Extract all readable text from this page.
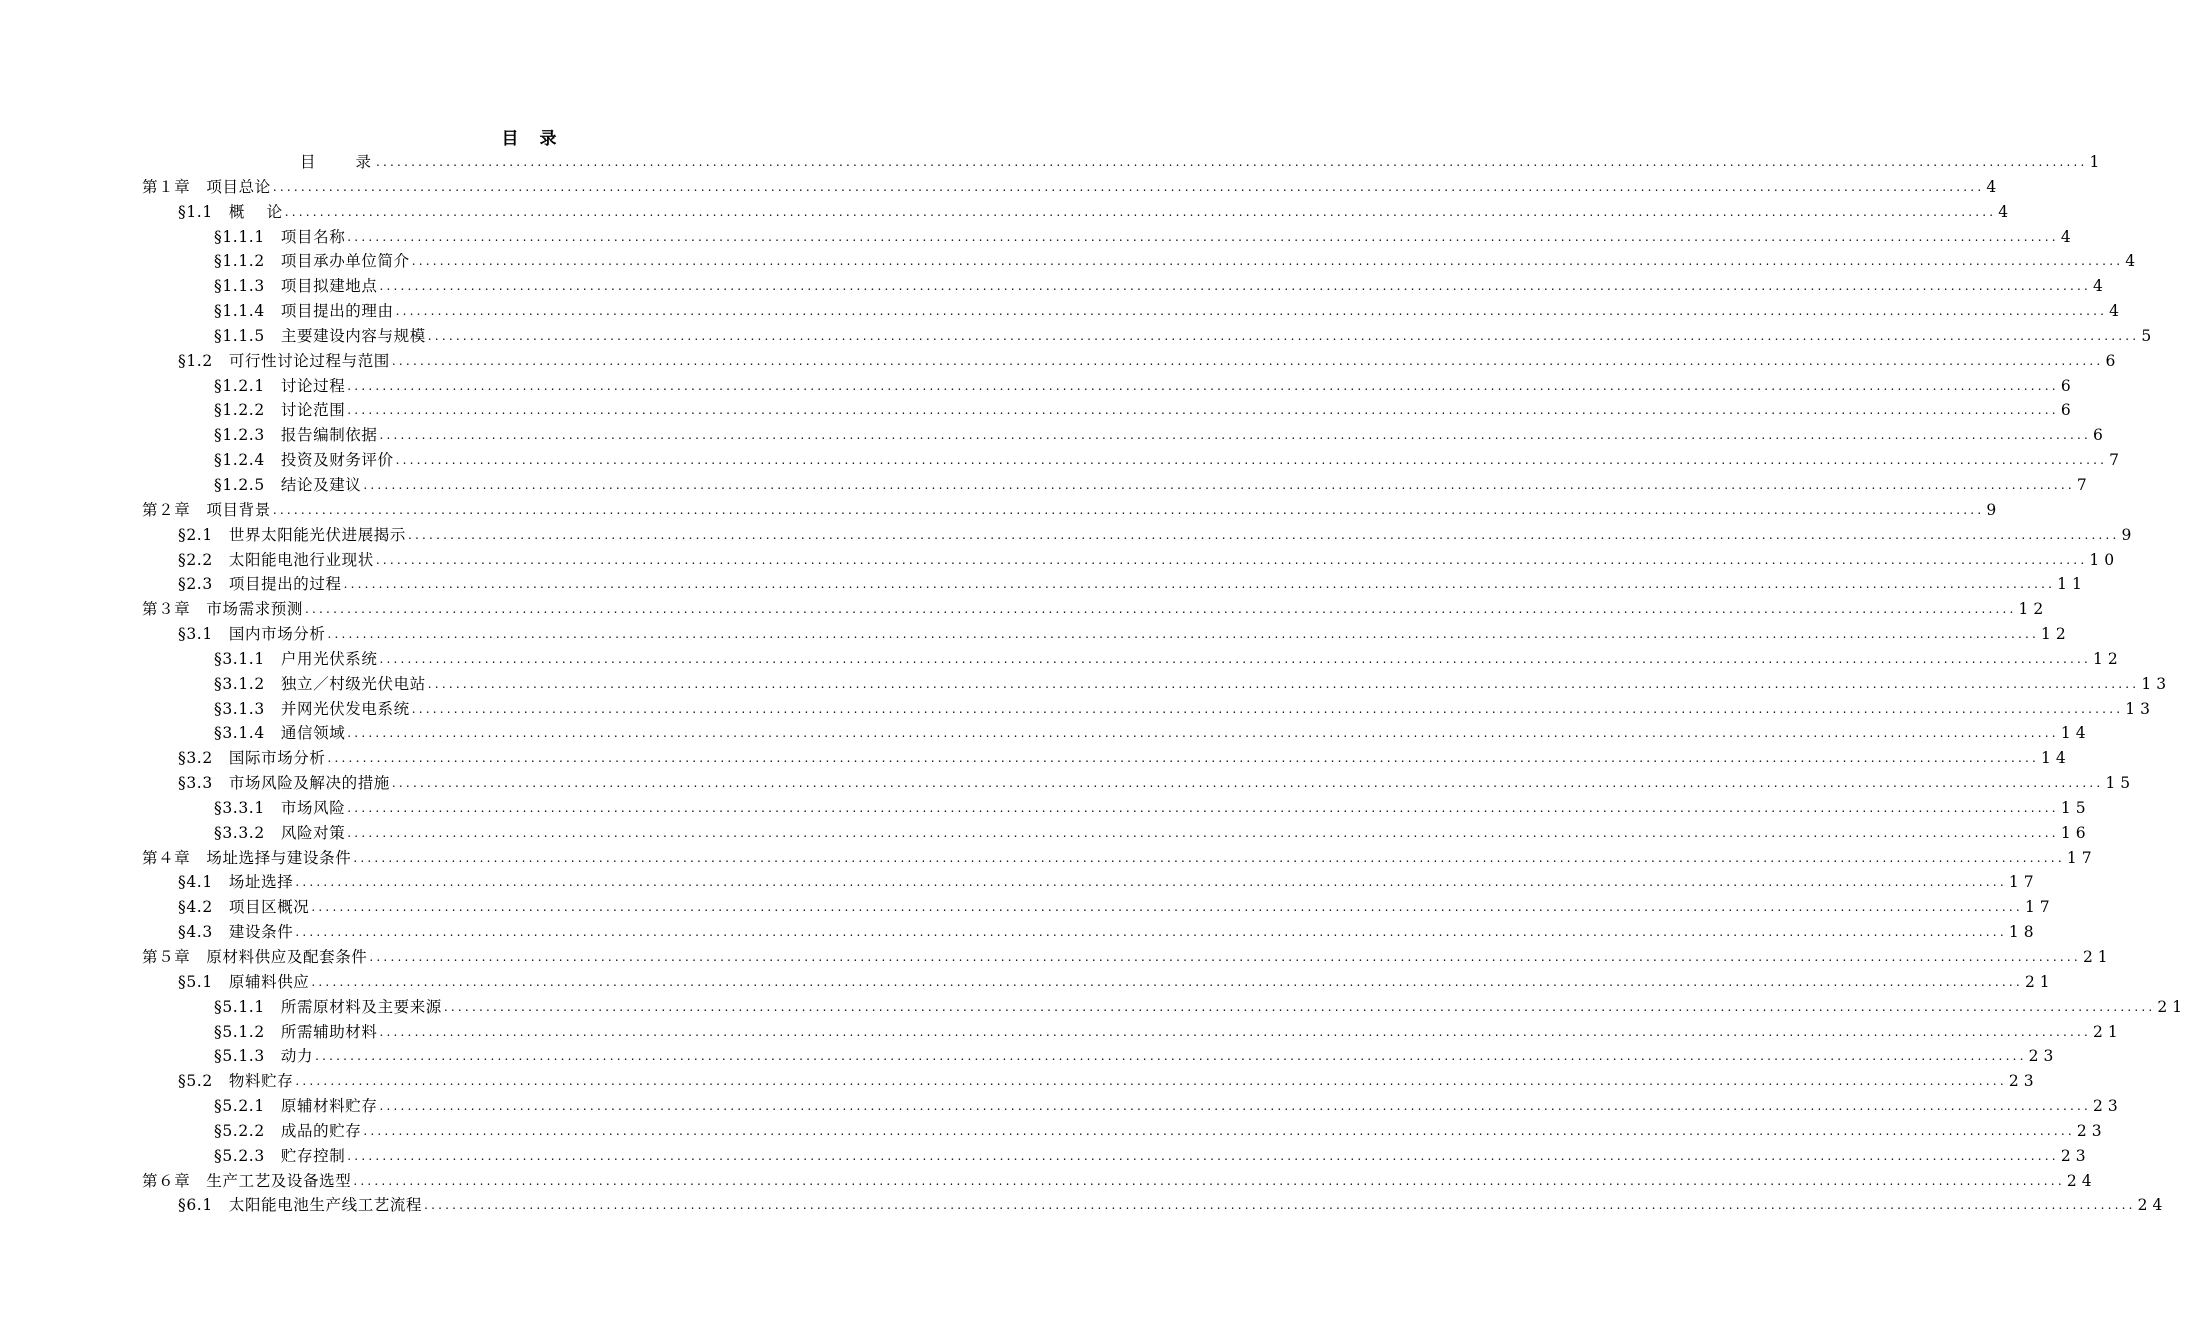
目　录
目　　录 .....	1
第１章　项目总论 .....	4
§1.1　概　 论 .....	4
§1.1.1　项目名称 .....	4
§1.1.2　项目承办单位简介 .....	4
§1.1.3　项目拟建地点 .....	4
§1.1.4　项目提出的理由 .....	4
§1.1.5　主要建设内容与规模 .....	5
§1.2　可行性讨论过程与范围 .....	6
§1.2.1　讨论过程 .....	6
§1.2.2　讨论范围 .....	6
§1.2.3　报告编制依据 .....	6
§1.2.4　投资及财务评价 .....	7
§1.2.5　结论及建议 .....	7
第２章　项目背景 .....	9
§2.1　世界太阳能光伏进展揭示 .....	9
§2.2　太阳能电池行业现状 .....	10
§2.3　项目提出的过程 .....	11
第３章　市场需求预测 .....	12
§3.1　国内市场分析 .....	12
§3.1.1　户用光伏系统 .....	12
§3.1.2　独立／村级光伏电站 .....	13
§3.1.3　并网光伏发电系统 .....	13
§3.1.4　通信领域 .....	14
§3.2　国际市场分析 .....	14
§3.3　市场风险及解决的措施 .....	15
§3.3.1　市场风险 .....	15
§3.3.2　风险对策 .....	16
第４章　场址选择与建设条件 .....	17
§4.1　场址选择 .....	17
§4.2　项目区概况 .....	17
§4.3　建设条件 .....	18
第５章　原材料供应及配套条件 .....	21
§5.1　原辅料供应 .....	21
§5.1.1　所需原材料及主要来源 .....	21
§5.1.2　所需辅助材料 .....	21
§5.1.3　动力 .....	23
§5.2　物料贮存 .....	23
§5.2.1　原辅材料贮存 .....	23
§5.2.2　成品的贮存 .....	23
§5.2.3　贮存控制 .....	23
第６章　生产工艺及设备选型 .....	24
§6.1　太阳能电池生产线工艺流程 .....	24
